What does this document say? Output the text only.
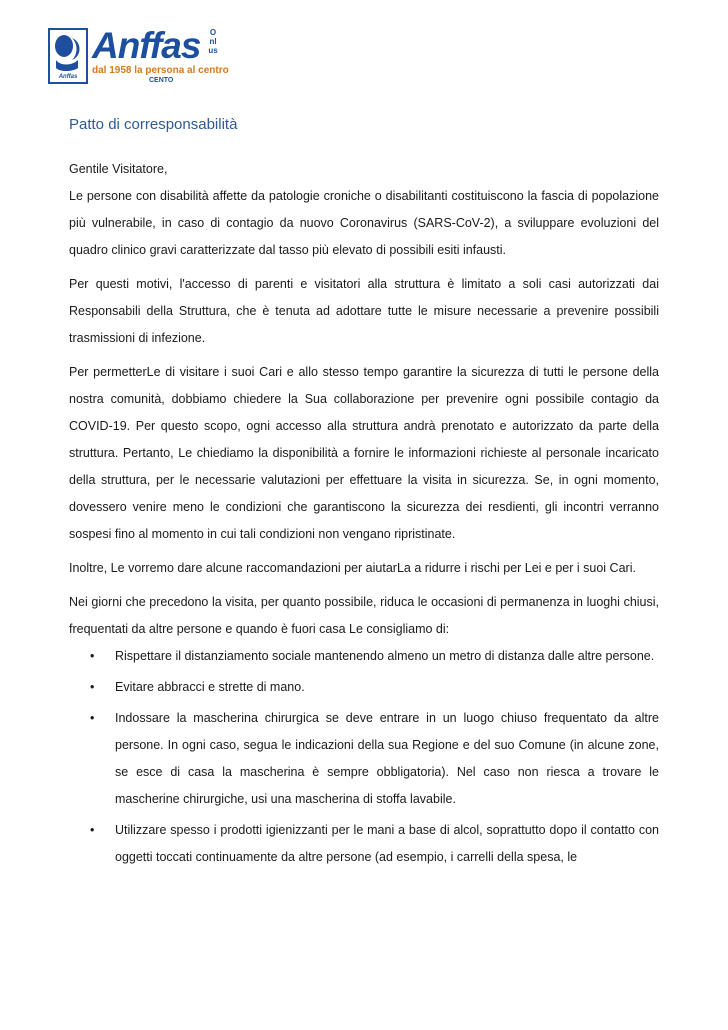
Anffas
Anffas Onlus
dal 1958 la persona al centro
CENTO
Patto di corresponsabilità

Gentile Visitatore,

Le persone con disabilità affette da patologie croniche o disabilitanti costituiscono la fascia di popolazione più vulnerabile, in caso di contagio da nuovo Coronavirus (SARS-CoV-2), a sviluppare evoluzioni del quadro clinico gravi caratterizzate dal tasso più elevato di possibili esiti infausti.

Per questi motivi, l'accesso di parenti e visitatori alla struttura è limitato a soli casi autorizzati dai Responsabili della Struttura, che è tenuta ad adottare tutte le misure necessarie a prevenire possibili trasmissioni di infezione.

Per permetterLe di visitare i suoi Cari e allo stesso tempo garantire la sicurezza di tutti le persone della nostra comunità, dobbiamo chiedere la Sua collaborazione per prevenire ogni possibile contagio da COVID-19. Per questo scopo, ogni accesso alla struttura andrà prenotato e autorizzato da parte della struttura. Pertanto, Le chiediamo la disponibilità a fornire le informazioni richieste al personale incaricato della struttura, per le necessarie valutazioni per effettuare la visita in sicurezza. Se, in ogni momento, dovessero venire meno le condizioni che garantiscono la sicurezza dei resdienti, gli incontri verranno sospesi fino al momento in cui tali condizioni non vengano ripristinate.

Inoltre, Le vorremo dare alcune raccomandazioni per aiutarLa a ridurre i rischi per Lei e per i suoi Cari.

Nei giorni che precedono la visita, per quanto possibile, riduca le occasioni di permanenza in luoghi chiusi, frequentati da altre persone e quando è fuori casa Le consigliamo di:

• Rispettare il distanziamento sociale mantenendo almeno un metro di distanza dalle altre persone.
• Evitare abbracci e strette di mano.
• Indossare la mascherina chirurgica se deve entrare in un luogo chiuso frequentato da altre persone. In ogni caso, segua le indicazioni della sua Regione e del suo Comune (in alcune zone, se esce di casa la mascherina è sempre obbligatoria). Nel caso non riesca a trovare le mascherine chirurgiche, usi una mascherina di stoffa lavabile.
• Utilizzare spesso i prodotti igienizzanti per le mani a base di alcol, soprattutto dopo il contatto con oggetti toccati continuamente da altre persone (ad esempio, i carrelli della spesa, le
